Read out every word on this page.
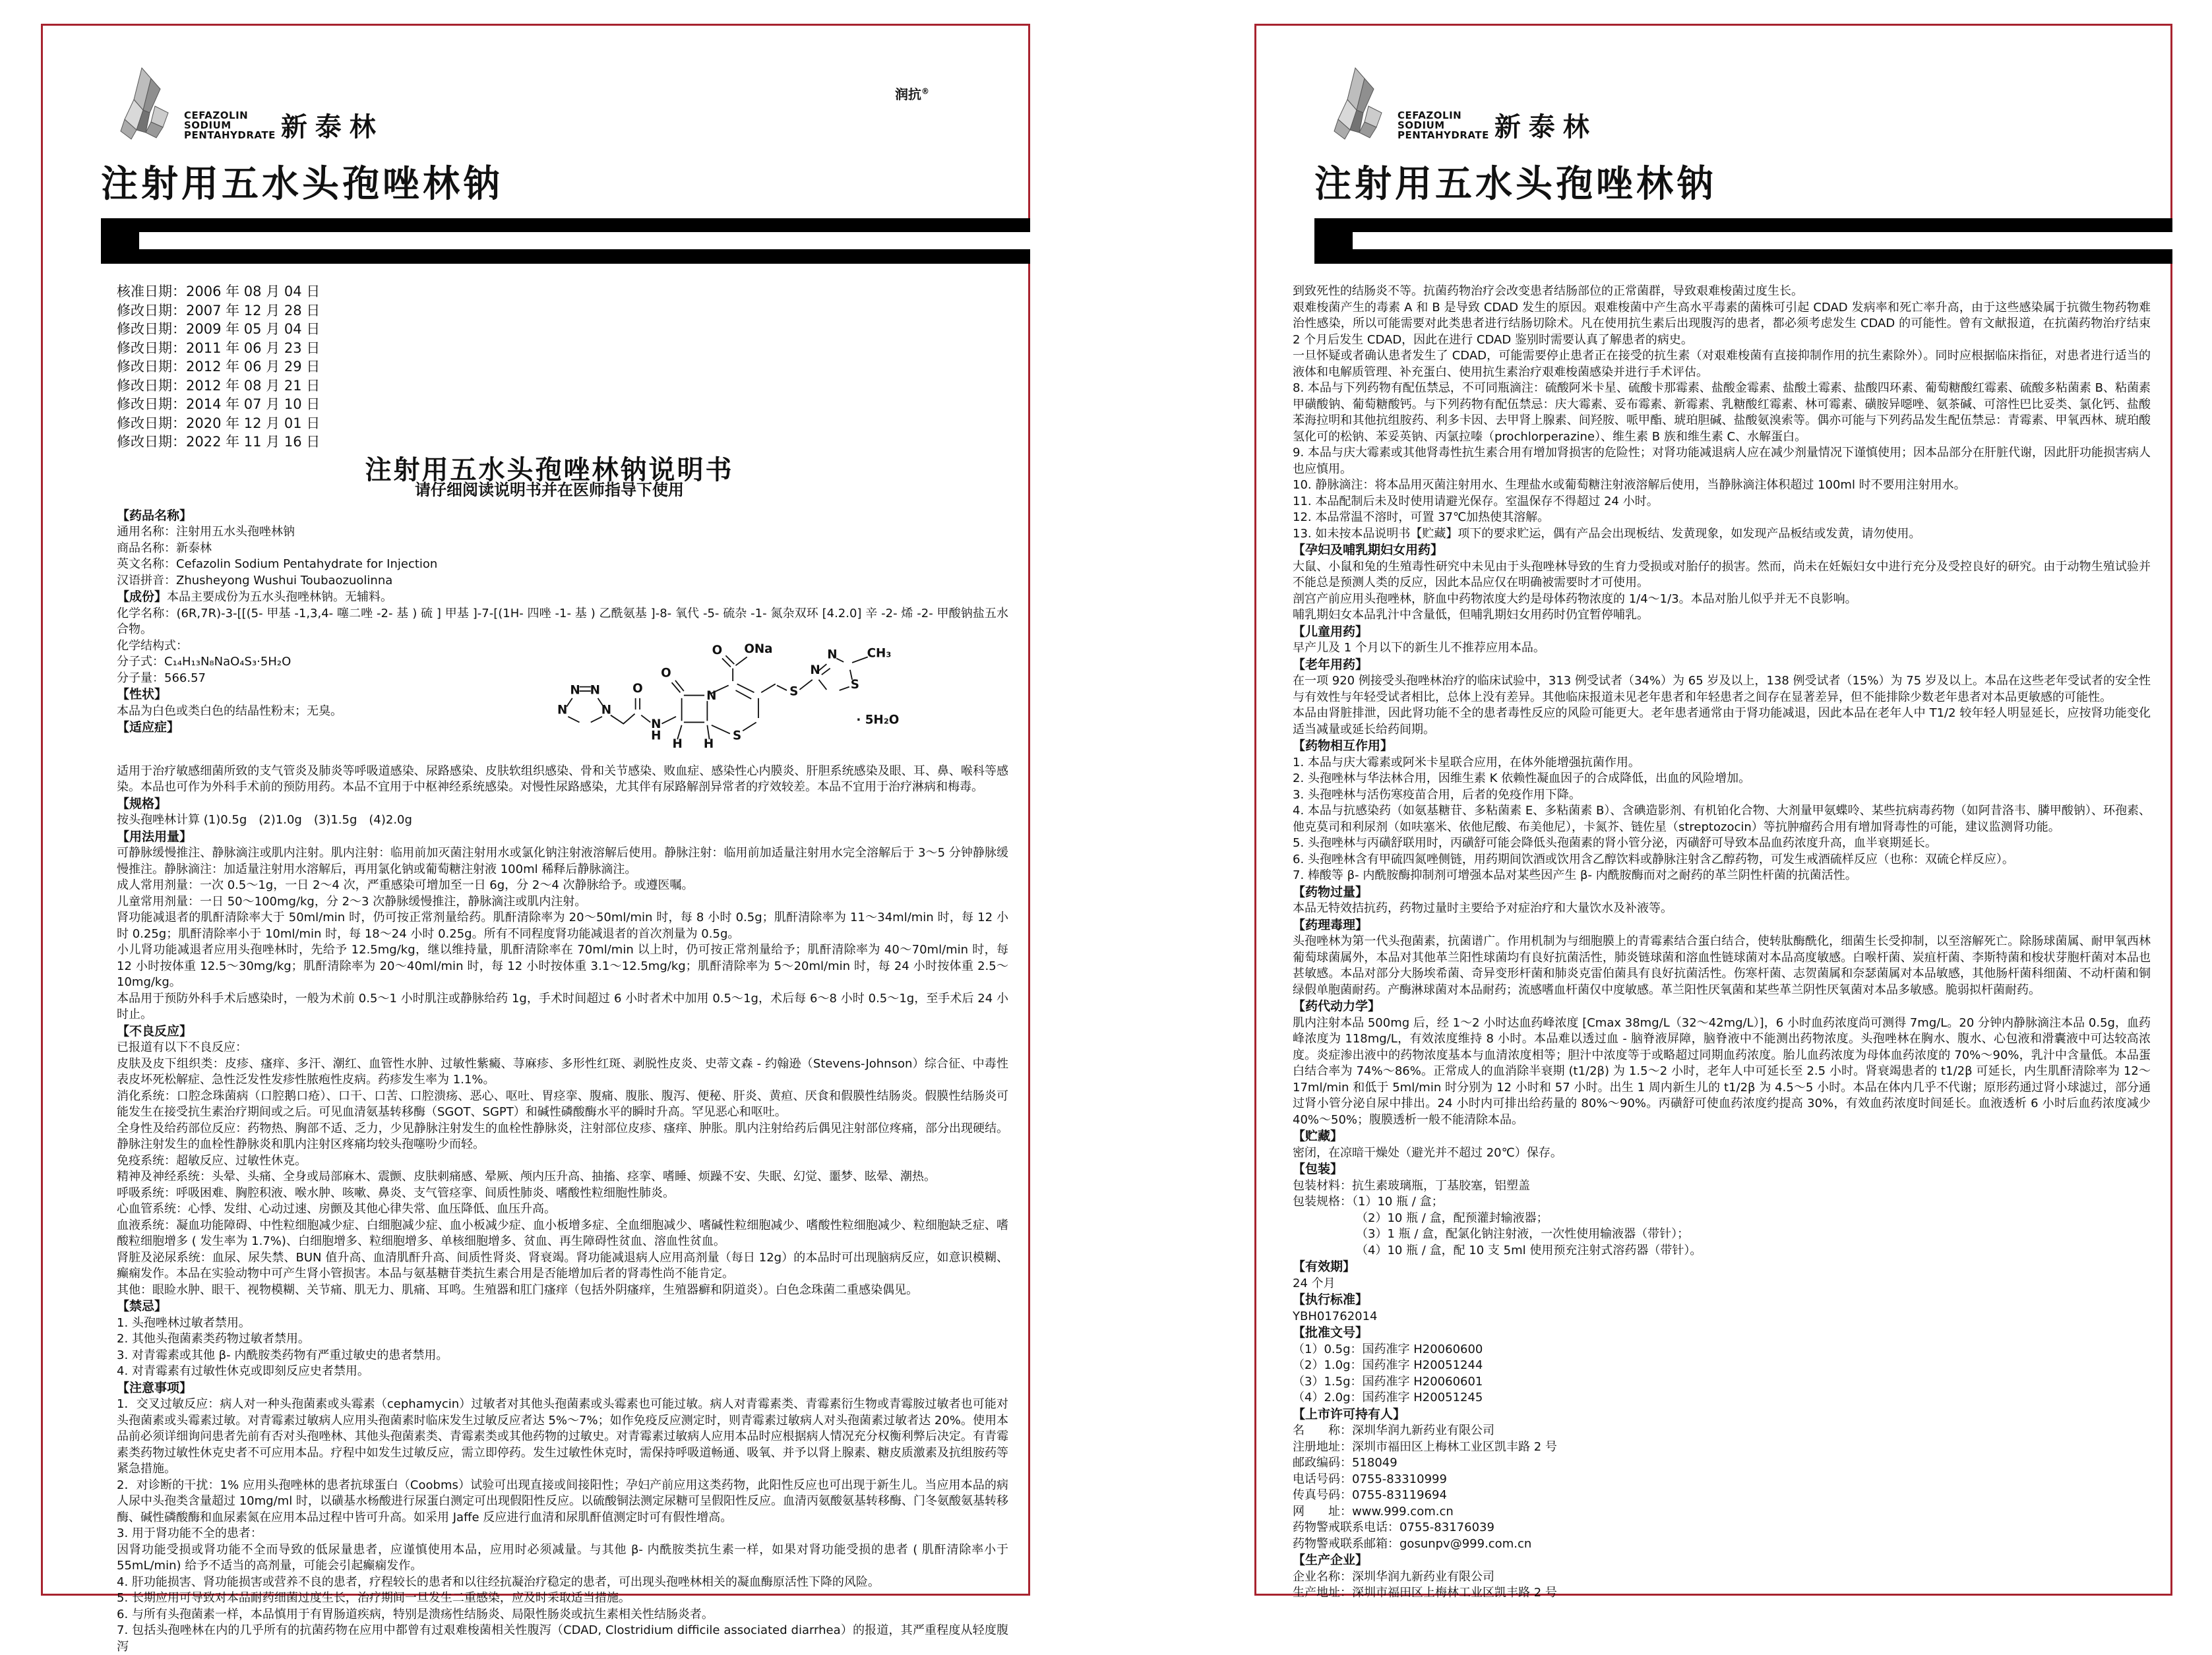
CEFAZOLIN
SODIUM
PENTAHYDRATE 新泰林
润抗®
注射用五水头孢唑林钠
核准日期：2006 年 08 月 04 日
修改日期：2007 年 12 月 28 日
修改日期：2009 年 05 月 04 日
修改日期：2011 年 06 月 23 日
修改日期：2012 年 06 月 29 日
修改日期：2012 年 08 月 21 日
修改日期：2014 年 07 月 10 日
修改日期：2020 年 12 月 01 日
修改日期：2022 年 11 月 16 日
注射用五水头孢唑林钠说明书
请仔细阅读说明书并在医师指导下使用
【药品名称】
通用名称：注射用五水头孢唑林钠
商品名称：新泰林
英文名称：Cefazolin Sodium Pentahydrate for Injection
汉语拼音：Zhusheyong Wushui Toubaozuolinna
【成份】本品主要成份为五水头孢唑林钠。无辅料。
化学名称：(6R,7R)-3-[[(5- 甲基 -1,3,4- 噻二唑 -2- 基 ) 硫 ] 甲基 ]-7-[(1H- 四唑 -1- 基 ) 乙酰氨基 ]-8- 氧代 -5- 硫杂 -1- 氮杂双环 [4.2.0] 辛 -2- 烯 -2- 甲酸钠盐五水合物。
化学结构式：
分子式：C₁₄H₁₃N₈NaO₄S₃·5H₂O
分子量：566.57
【性状】
本品为白色或类白色的结晶性粉末；无臭。
【适应症】
N N
N	N
O
N
H
O
N
O ONa
S
H H
S
N
N
S
CH₃
· 5H₂O
适用于治疗敏感细菌所致的支气管炎及肺炎等呼吸道感染、尿路感染、皮肤软组织感染、骨和关节感染、败血症、感染性心内膜炎、肝胆系统感染及眼、耳、鼻、喉科等感染。本品也可作为外科手术前的预防用药。本品不宜用于中枢神经系统感染。对慢性尿路感染，尤其伴有尿路解剖异常者的疗效较差。本品不宜用于治疗淋病和梅毒。
【规格】
按头孢唑林计算 (1)0.5g　(2)1.0g　(3)1.5g　(4)2.0g
【用法用量】
可静脉缓慢推注、静脉滴注或肌内注射。肌内注射：临用前加灭菌注射用水或氯化钠注射液溶解后使用。静脉注射：临用前加适量注射用水完全溶解后于 3～5 分钟静脉缓慢推注。静脉滴注：加适量注射用水溶解后，再用氯化钠或葡萄糖注射液 100ml 稀释后静脉滴注。
成人常用剂量：一次 0.5～1g，一日 2～4 次，严重感染可增加至一日 6g，分 2～4 次静脉给予。或遵医嘱。
儿童常用剂量：一日 50～100mg/kg，分 2～3 次静脉缓慢推注，静脉滴注或肌内注射。
肾功能减退者的肌酐清除率大于 50ml/min 时，仍可按正常剂量给药。肌酐清除率为 20～50ml/min 时，每 8 小时 0.5g；肌酐清除率为 11～34ml/min 时，每 12 小时 0.25g；肌酐清除率小于 10ml/min 时，每 18～24 小时 0.25g。所有不同程度肾功能减退者的首次剂量为 0.5g。
小儿肾功能减退者应用头孢唑林时，先给予 12.5mg/kg，继以维持量，肌酐清除率在 70ml/min 以上时，仍可按正常剂量给予；肌酐清除率为 40～70ml/min 时，每 12 小时按体重 12.5～30mg/kg；肌酐清除率为 20～40ml/min 时，每 12 小时按体重 3.1～12.5mg/kg；肌酐清除率为 5～20ml/min 时，每 24 小时按体重 2.5～10mg/kg。
本品用于预防外科手术后感染时，一般为术前 0.5～1 小时肌注或静脉给药 1g，手术时间超过 6 小时者术中加用 0.5～1g，术后每 6～8 小时 0.5～1g，至手术后 24 小时止。
【不良反应】
已报道有以下不良反应：
皮肤及皮下组织类：皮疹、瘙痒、多汗、潮红、血管性水肿、过敏性紫癜、荨麻疹、多形性红斑、剥脱性皮炎、史蒂文森 - 约翰逊（Stevens-Johnson）综合征、中毒性表皮坏死松解症、急性泛发性发疹性脓疱性皮病。药疹发生率为 1.1%。
消化系统：口腔念珠菌病（口腔鹅口疮）、口干、口苦、口腔溃疡、恶心、呕吐、胃痉挛、腹痛、腹胀、腹泻、便秘、肝炎、黄疸、厌食和假膜性结肠炎。假膜性结肠炎可能发生在接受抗生素治疗期间或之后。可见血清氨基转移酶（SGOT、SGPT）和碱性磷酸酶水平的瞬时升高。罕见恶心和呕吐。
全身性及给药部位反应：药物热、胸部不适、乏力，少见静脉注射发生的血栓性静脉炎，注射部位皮疹、瘙痒、肿胀。肌内注射给药后偶见注射部位疼痛，部分出现硬结。静脉注射发生的血栓性静脉炎和肌内注射区疼痛均较头孢噻吩少而轻。
免疫系统：超敏反应、过敏性休克。
精神及神经系统：头晕、头痛、全身或局部麻木、震颤、皮肤刺痛感、晕厥、颅内压升高、抽搐、痉挛、嗜睡、烦躁不安、失眠、幻觉、噩梦、眩晕、潮热。
呼吸系统：呼吸困难、胸腔积液、喉水肿、咳嗽、鼻炎、支气管痉挛、间质性肺炎、嗜酸性粒细胞性肺炎。
心血管系统：心悸、发绀、心动过速、房颤及其他心律失常、血压降低、血压升高。
血液系统：凝血功能障碍、中性粒细胞减少症、白细胞减少症、血小板减少症、血小板增多症、全血细胞减少、嗜碱性粒细胞减少、嗜酸性粒细胞减少、粒细胞缺乏症、嗜酸粒细胞增多 ( 发生率为 1.7%)、白细胞增多、粒细胞增多、单核细胞增多、贫血、再生障碍性贫血、溶血性贫血。
肾脏及泌尿系统：血尿、尿失禁、BUN 值升高、血清肌酐升高、间质性肾炎、肾衰竭。肾功能减退病人应用高剂量（每日 12g）的本品时可出现脑病反应，如意识模糊、癫痫发作。本品在实验动物中可产生肾小管损害。本品与氨基糖苷类抗生素合用是否能增加后者的肾毒性尚不能肯定。
其他：眼睑水肿、眼干、视物模糊、关节痛、肌无力、肌痛、耳鸣。生殖器和肛门瘙痒（包括外阴瘙痒，生殖器癣和阴道炎）。白色念珠菌二重感染偶见。
【禁忌】
1. 头孢唑林过敏者禁用。
2. 其他头孢菌素类药物过敏者禁用。
3. 对青霉素或其他 β- 内酰胺类药物有严重过敏史的患者禁用。
4. 对青霉素有过敏性休克或即刻反应史者禁用。
【注意事项】
1．交叉过敏反应：病人对一种头孢菌素或头霉素（cephamycin）过敏者对其他头孢菌素或头霉素也可能过敏。病人对青霉素类、青霉素衍生物或青霉胺过敏者也可能对头孢菌素或头霉素过敏。对青霉素过敏病人应用头孢菌素时临床发生过敏反应者达 5%～7%；如作免疫反应测定时，则青霉素过敏病人对头孢菌素过敏者达 20%。使用本品前必须详细询问患者先前有否对头孢唑林、其他头孢菌素类、青霉素类或其他药物的过敏史。对青霉素过敏病人应用本品时应根据病人情况充分权衡利弊后决定。有青霉素类药物过敏性休克史者不可应用本品。疗程中如发生过敏反应，需立即停药。发生过敏性休克时，需保持呼吸道畅通、吸氧、并予以肾上腺素、糖皮质激素及抗组胺药等紧急措施。
2．对诊断的干扰：1% 应用头孢唑林的患者抗球蛋白（Coobms）试验可出现直接或间接阳性；孕妇产前应用这类药物，此阳性反应也可出现于新生儿。当应用本品的病人尿中头孢类含量超过 10mg/ml 时，以磺基水杨酸进行尿蛋白测定可出现假阳性反应。以硫酸铜法测定尿糖可呈假阳性反应。血清丙氨酸氨基转移酶、门冬氨酸氨基转移酶、碱性磷酸酶和血尿素氮在应用本品过程中皆可升高。如采用 Jaffe 反应进行血清和尿肌酐值测定时可有假性增高。
3. 用于肾功能不全的患者：
因肾功能受损或肾功能不全而导致的低尿量患者，应谨慎使用本品，应用时必须减量。与其他 β- 内酰胺类抗生素一样，如果对肾功能受损的患者 ( 肌酐清除率小于 55mL/min) 给予不适当的高剂量，可能会引起癫痫发作。
4. 肝功能损害、肾功能损害或营养不良的患者，疗程较长的患者和以往经抗凝治疗稳定的患者，可出现头孢唑林相关的凝血酶原活性下降的风险。
5. 长期应用可导致对本品耐药细菌过度生长，治疗期间一旦发生二重感染，应及时采取适当措施。
6. 与所有头孢菌素一样，本品慎用于有胃肠道疾病，特别是溃疡性结肠炎、局限性肠炎或抗生素相关性结肠炎者。
7. 包括头孢唑林在内的几乎所有的抗菌药物在应用中都曾有过艰难梭菌相关性腹泻（CDAD, Clostridium difficile associated diarrhea）的报道，其严重程度从轻度腹泻
CEFAZOLIN
SODIUM
PENTAHYDRATE 新泰林
注射用五水头孢唑林钠
到致死性的结肠炎不等。抗菌药物治疗会改变患者结肠部位的正常菌群，导致艰难梭菌过度生长。
艰难梭菌产生的毒素 A 和 B 是导致 CDAD 发生的原因。艰难梭菌中产生高水平毒素的菌株可引起 CDAD 发病率和死亡率升高，由于这些感染属于抗微生物药物难治性感染，所以可能需要对此类患者进行结肠切除术。凡在使用抗生素后出现腹泻的患者，都必须考虑发生 CDAD 的可能性。曾有文献报道，在抗菌药物治疗结束 2 个月后发生 CDAD，因此在进行 CDAD 鉴别时需要认真了解患者的病史。
一旦怀疑或者确认患者发生了 CDAD，可能需要停止患者正在接受的抗生素（对艰难梭菌有直接抑制作用的抗生素除外）。同时应根据临床指征，对患者进行适当的液体和电解质管理、补充蛋白、使用抗生素治疗艰难梭菌感染并进行手术评估。
8. 本品与下列药物有配伍禁忌，不可同瓶滴注：硫酸阿米卡星、硫酸卡那霉素、盐酸金霉素、盐酸土霉素、盐酸四环素、葡萄糖酸红霉素、硫酸多粘菌素 B、粘菌素甲磺酸钠、葡萄糖酸钙。与下列药物有配伍禁忌：庆大霉素、妥布霉素、新霉素、乳糖酸红霉素、林可霉素、磺胺异噁唑、氨茶碱、可溶性巴比妥类、氯化钙、盐酸苯海拉明和其他抗组胺药、利多卡因、去甲肾上腺素、间羟胺、哌甲酯、琥珀胆碱、盐酸氨溴索等。偶亦可能与下列药品发生配伍禁忌：青霉素、甲氧西林、琥珀酸氢化可的松钠、苯妥英钠、丙氯拉嗪（prochlorperazine）、维生素 B 族和维生素 C、水解蛋白。
9. 本品与庆大霉素或其他肾毒性抗生素合用有增加肾损害的危险性；对肾功能减退病人应在减少剂量情况下谨慎使用；因本品部分在肝脏代谢，因此肝功能损害病人也应慎用。
10. 静脉滴注：将本品用灭菌注射用水、生理盐水或葡萄糖注射液溶解后使用，当静脉滴注体积超过 100ml 时不要用注射用水。
11. 本品配制后未及时使用请避光保存。室温保存不得超过 24 小时。
12. 本品常温不溶时，可置 37℃加热使其溶解。
13. 如未按本品说明书【贮藏】项下的要求贮运，偶有产品会出现板结、发黄现象，如发现产品板结或发黄，请勿使用。
【孕妇及哺乳期妇女用药】
大鼠、小鼠和兔的生殖毒性研究中未见由于头孢唑林导致的生育力受损或对胎仔的损害。然而，尚未在妊娠妇女中进行充分及受控良好的研究。由于动物生殖试验并不能总是预测人类的反应，因此本品应仅在明确被需要时才可使用。
剖宫产前应用头孢唑林，脐血中药物浓度大约是母体药物浓度的 1/4～1/3。本品对胎儿似乎并无不良影响。
哺乳期妇女本品乳汁中含量低，但哺乳期妇女用药时仍宜暂停哺乳。
【儿童用药】
早产儿及 1 个月以下的新生儿不推荐应用本品。
【老年用药】
在一项 920 例接受头孢唑林治疗的临床试验中，313 例受试者（34%）为 65 岁及以上，138 例受试者（15%）为 75 岁及以上。本品在这些老年受试者的安全性与有效性与年轻受试者相比，总体上没有差异。其他临床报道未见老年患者和年轻患者之间存在显著差异，但不能排除少数老年患者对本品更敏感的可能性。
本品由肾脏排泄，因此肾功能不全的患者毒性反应的风险可能更大。老年患者通常由于肾功能减退，因此本品在老年人中 T1/2 较年轻人明显延长，应按肾功能变化适当减量或延长给药间期。
【药物相互作用】
1. 本品与庆大霉素或阿米卡星联合应用，在体外能增强抗菌作用。
2. 头孢唑林与华法林合用，因维生素 K 依赖性凝血因子的合成降低，出血的风险增加。
3. 头孢唑林与活伤寒疫苗合用，后者的免疫作用下降。
4. 本品与抗感染药（如氨基糖苷、多粘菌素 E、多粘菌素 B）、含碘造影剂、有机铂化合物、大剂量甲氨蝶呤、某些抗病毒药物（如阿昔洛韦、膦甲酸钠）、环孢素、他克莫司和利尿剂（如呋塞米、依他尼酸、布美他尼），卡氮芥、链佐星（streptozocin）等抗肿瘤药合用有增加肾毒性的可能，建议监测肾功能。
5. 头孢唑林与丙磺舒联用时，丙磺舒可能会降低头孢菌素的肾小管分泌，丙磺舒可导致本品血药浓度升高，血半衰期延长。
6. 头孢唑林含有甲硫四氮唑侧链，用药期间饮酒或饮用含乙醇饮料或静脉注射含乙醇药物，可发生戒酒硫样反应（也称：双硫仑样反应）。
7. 棒酸等 β- 内酰胺酶抑制剂可增强本品对某些因产生 β- 内酰胺酶而对之耐药的革兰阴性杆菌的抗菌活性。
【药物过量】
本品无特效拮抗药，药物过量时主要给予对症治疗和大量饮水及补液等。
【药理毒理】
头孢唑林为第一代头孢菌素，抗菌谱广。作用机制为与细胞膜上的青霉素结合蛋白结合，使转肽酶酰化，细菌生长受抑制，以至溶解死亡。除肠球菌属、耐甲氧西林葡萄球菌属外，本品对其他革兰阳性球菌均有良好抗菌活性，肺炎链球菌和溶血性链球菌对本品高度敏感。白喉杆菌、炭疽杆菌、李斯特菌和梭状芽胞杆菌对本品也甚敏感。本品对部分大肠埃希菌、奇异变形杆菌和肺炎克雷伯菌具有良好抗菌活性。伤寒杆菌、志贺菌属和奈瑟菌属对本品敏感，其他肠杆菌科细菌、不动杆菌和铜绿假单胞菌耐药。产酶淋球菌对本品耐药；流感嗜血杆菌仅中度敏感。革兰阳性厌氧菌和某些革兰阴性厌氧菌对本品多敏感。脆弱拟杆菌耐药。
【药代动力学】
肌内注射本品 500mg 后，经 1～2 小时达血药峰浓度 [Cmax 38mg/L（32～42mg/L）]，6 小时血药浓度尚可测得 7mg/L。20 分钟内静脉滴注本品 0.5g，血药峰浓度为 118mg/L，有效浓度维持 8 小时。本品难以透过血 - 脑脊液屏障，脑脊液中不能测出药物浓度。头孢唑林在胸水、腹水、心包液和滑囊液中可达较高浓度。炎症渗出液中的药物浓度基本与血清浓度相等；胆汁中浓度等于或略超过同期血药浓度。胎儿血药浓度为母体血药浓度的 70%～90%，乳汁中含量低。本品蛋白结合率为 74%～86%。正常成人的血消除半衰期 (t1/2β) 为 1.5～2 小时，老年人中可延长至 2.5 小时。肾衰竭患者的 t1/2β 可延长，内生肌酐清除率为 12～17ml/min 和低于 5ml/min 时分别为 12 小时和 57 小时。出生 1 周内新生儿的 t1/2β 为 4.5～5 小时。本品在体内几乎不代谢；原形药通过肾小球滤过，部分通过肾小管分泌自尿中排出。24 小时内可排出给药量的 80%～90%。丙磺舒可使血药浓度约提高 30%，有效血药浓度时间延长。血液透析 6 小时后血药浓度减少 40%～50%；腹膜透析一般不能清除本品。
【贮藏】
密闭，在凉暗干燥处（避光并不超过 20℃）保存。
【包装】
包装材料：抗生素玻璃瓶，丁基胶塞，铝塑盖
包装规格：（1）10 瓶 / 盒；
（2）10 瓶 / 盒，配预灌封输液器；
（3）1 瓶 / 盒，配氯化钠注射液，一次性使用输液器（带针）；
（4）10 瓶 / 盒，配 10 支 5ml 使用预充注射式溶药器（带针）。
【有效期】
24 个月
【执行标准】
YBH01762014
【批准文号】
（1）0.5g：国药准字 H20060600
（2）1.0g：国药准字 H20051244
（3）1.5g：国药准字 H20060601
（4）2.0g：国药准字 H20051245
【上市许可持有人】
名　　称：深圳华润九新药业有限公司
注册地址：深圳市福田区上梅林工业区凯丰路 2 号
邮政编码：518049
电话号码：0755-83310999
传真号码：0755-83119694
网　　址：www.999.com.cn
药物警戒联系电话：0755-83176039
药物警戒联系邮箱：gosunpv@999.com.cn
【生产企业】
企业名称：深圳华润九新药业有限公司
生产地址：深圳市福田区上梅林工业区凯丰路 2 号
